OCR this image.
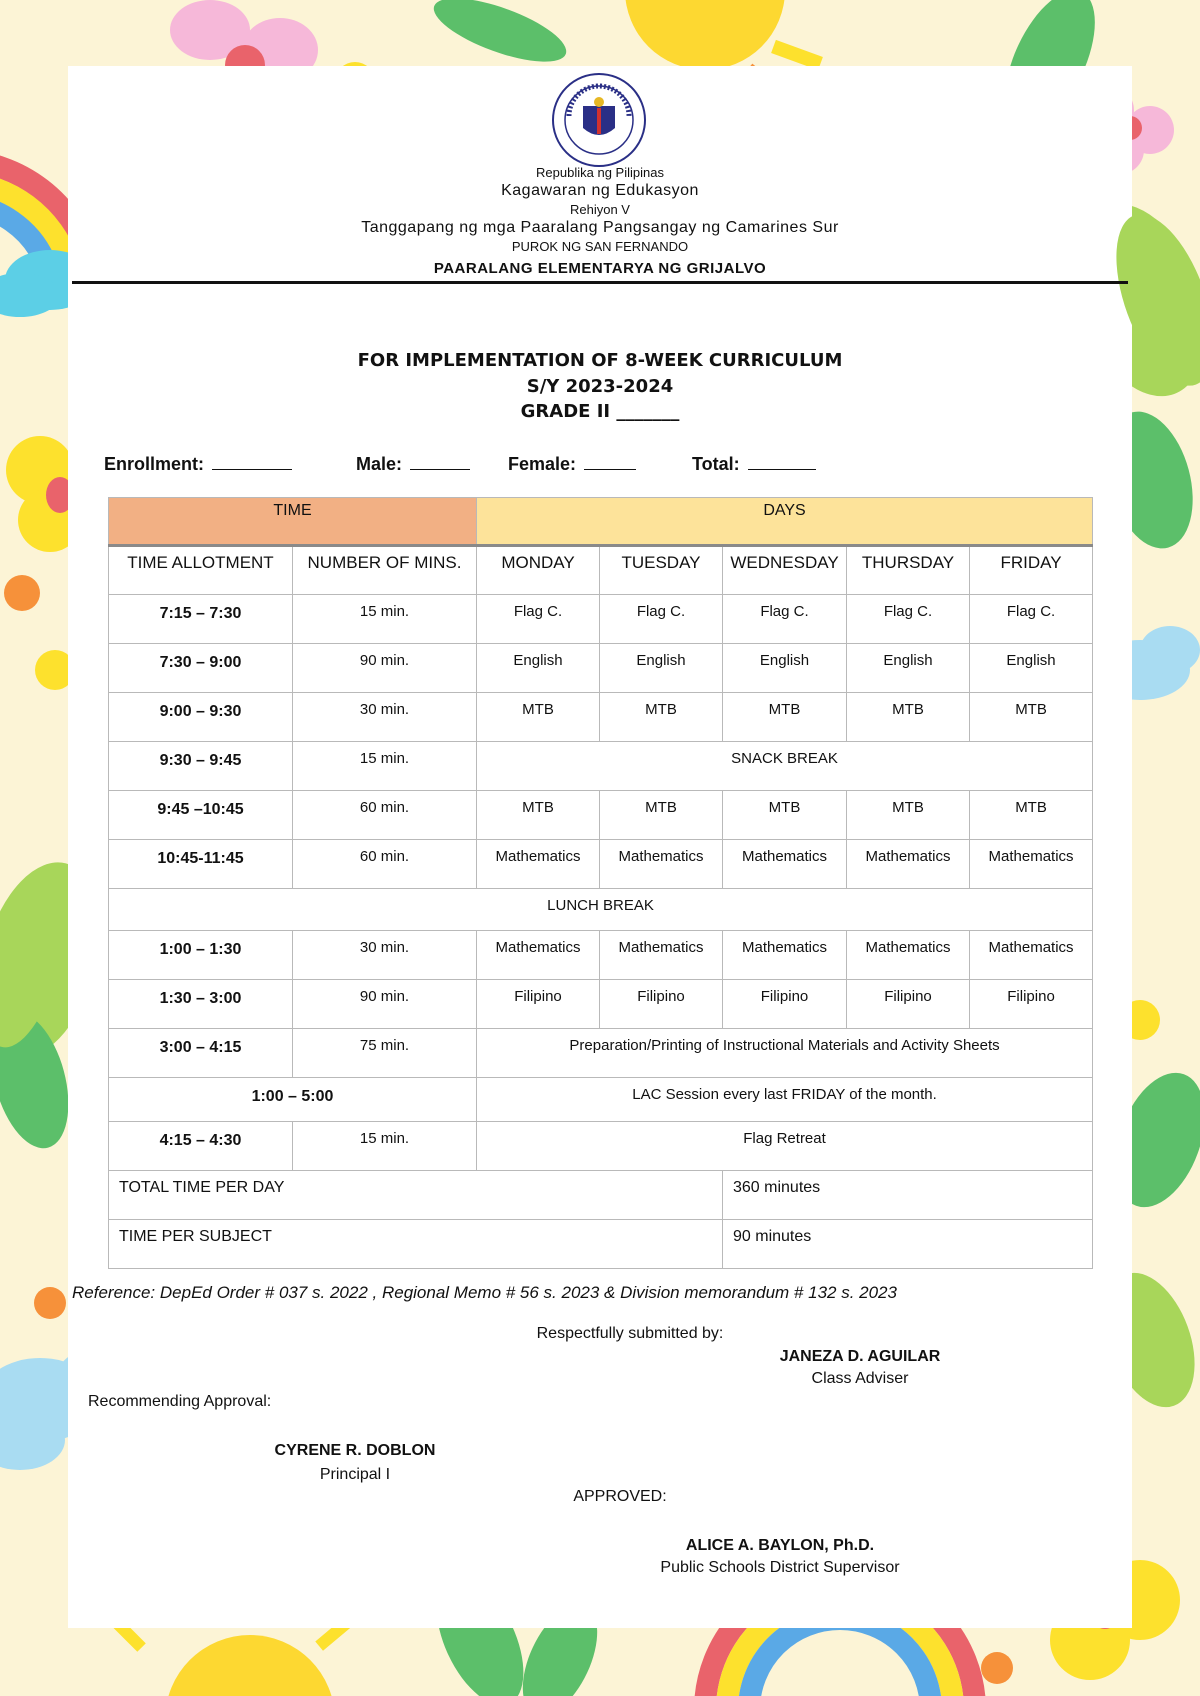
Republika ng Pilipinas
Kagawaran ng Edukasyon
Rehiyon V
Tanggapang ng mga Paaralang Pangsangay ng Camarines Sur
PUROK NG SAN FERNANDO
PAARALANG ELEMENTARYA NG GRIJALVO
FOR IMPLEMENTATION OF 8-WEEK CURRICULUM
S/Y 2023-2024
GRADE II _______
Enrollment:	Male:	Female:	Total:
TIME		DAYS				
TIME ALLOTMENT	NUMBER OF MINS.	MONDAY	TUESDAY	WEDNESDAY	THURSDAY	FRIDAY
7:15 – 7:30	15 min.	Flag C.	Flag C.	Flag C.	Flag C.	Flag C.
7:30 – 9:00	90 min.	English	English	English	English	English
9:00 – 9:30	30 min.	MTB	MTB	MTB	MTB	MTB
9:30 – 9:45	15 min.	SNACK BREAK				
9:45 –10:45	60 min.	MTB	MTB	MTB	MTB	MTB
10:45-11:45	60 min.	Mathematics	Mathematics	Mathematics	Mathematics	Mathematics
LUNCH BREAK						
1:00 – 1:30	30 min.	Mathematics	Mathematics	Mathematics	Mathematics	Mathematics
1:30 – 3:00	90 min.	Filipino	Filipino	Filipino	Filipino	Filipino
3:00 – 4:15	75 min.	Preparation/Printing of Instructional Materials and Activity Sheets				
1:00 – 5:00		LAC Session every last FRIDAY of the month.				
4:15 – 4:30	15 min.	Flag Retreat				
TOTAL TIME PER DAY				360 minutes		
TIME PER SUBJECT				90 minutes		
Reference: DepEd Order # 037 s. 2022 , Regional Memo # 56 s. 2023 & Division memorandum # 132 s. 2023
Respectfully submitted by:
JANEZA D. AGUILAR
Class Adviser
Recommending Approval:
CYRENE R. DOBLON
Principal I
APPROVED:
ALICE A. BAYLON, Ph.D.
Public Schools District Supervisor
